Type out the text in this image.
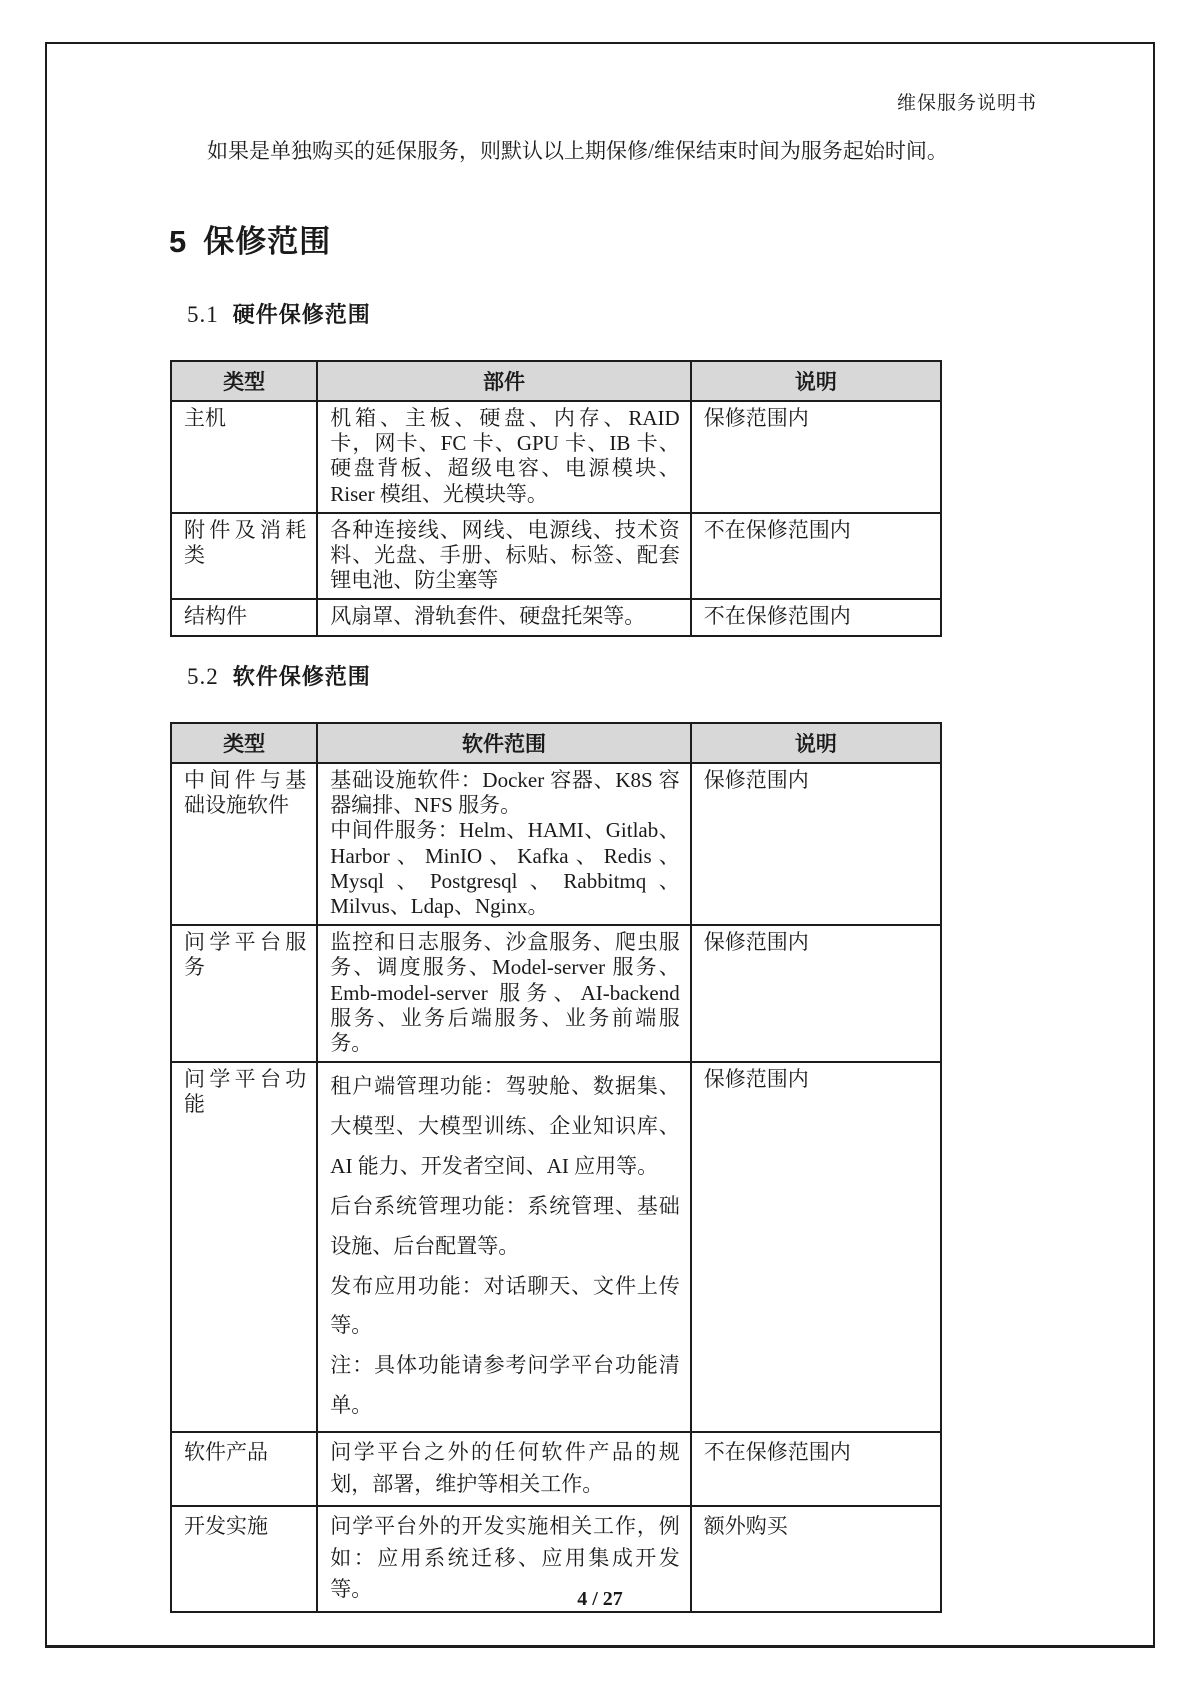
维保服务说明书
如果是单独购买的延保服务，则默认以上期保修/维保结束时间为服务起始时间。
5 保修范围
5.1 硬件保修范围
类型	部件	说明
主机	机箱、主板、硬盘、内存、RAID 卡，网卡、FC 卡、GPU 卡、IB 卡、硬盘背板、超级电容、电源模块、Riser 模组、光模块等。	保修范围内
附件及消耗类	各种连接线、网线、电源线、技术资料、光盘、手册、标贴、标签、配套锂电池、防尘塞等	不在保修范围内
结构件	风扇罩、滑轨套件、硬盘托架等。	不在保修范围内
5.2 软件保修范围
类型	软件范围	说明
中间件与基础设施软件	基础设施软件：Docker 容器、K8S 容器编排、NFS 服务。

中间件服务：Helm、HAMI、Gitlab、Harbor、MinIO、Kafka、Redis、Mysql、Postgresql、Rabbitmq、Milvus、Ldap、Nginx。	保修范围内
问学平台服务	监控和日志服务、沙盒服务、爬虫服务、调度服务、Model-server 服务、Emb-model-server 服务、AI-backend 服务、业务后端服务、业务前端服务。	保修范围内
问学平台功能	租户端管理功能：驾驶舱、数据集、大模型、大模型训练、企业知识库、AI 能力、开发者空间、AI 应用等。

后台系统管理功能：系统管理、基础设施、后台配置等。

发布应用功能：对话聊天、文件上传等。

注：具体功能请参考问学平台功能清单。	保修范围内
软件产品	问学平台之外的任何软件产品的规划，部署，维护等相关工作。	不在保修范围内
开发实施	问学平台外的开发实施相关工作，例如：应用系统迁移、应用集成开发等。	额外购买
4 / 27
